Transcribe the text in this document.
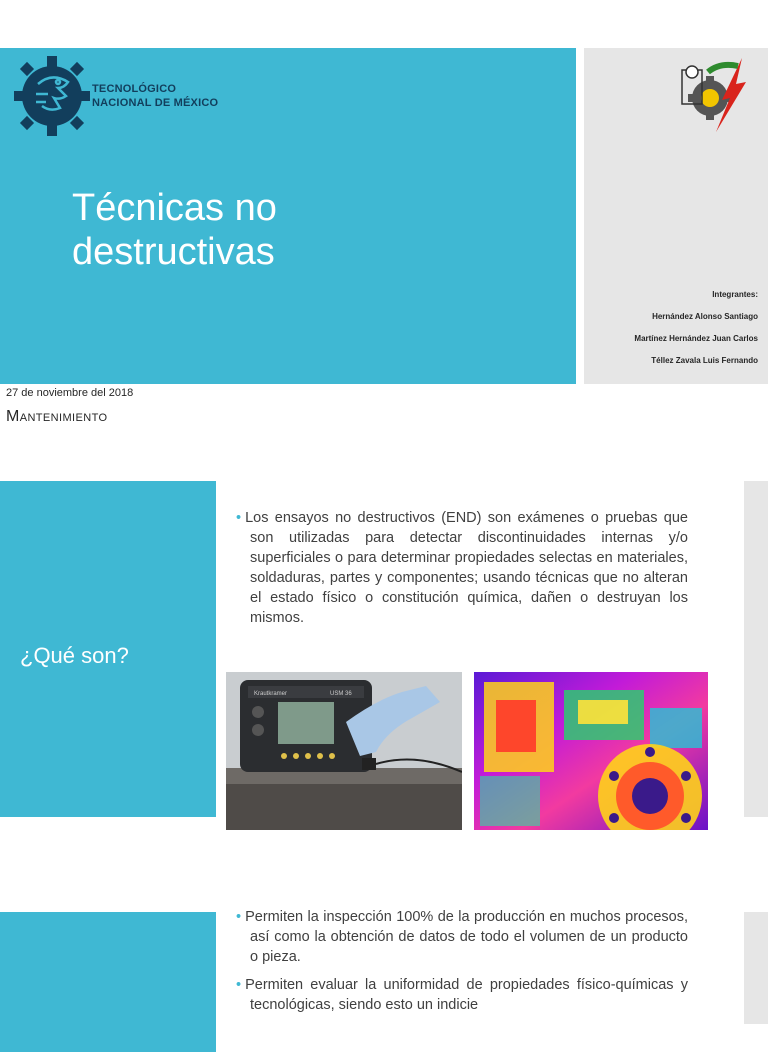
TECNOLÓGICO
NACIONAL DE MÉXICO
Técnicas no
destructivas
Integrantes:
Hernández Alonso Santiago
Martínez Hernández Juan Carlos
Téllez Zavala Luis Fernando
27 de noviembre del 2018
Mantenimiento
¿Qué son?

• Los ensayos no destructivos (END) son exámenes o pruebas que son utilizadas para detectar discontinuidades internas y/o superficiales o para determinar propiedades selectas en materiales, soldaduras, partes y componentes; usando técnicas que no alteran el estado físico o constitución química, dañen o destruyan los mismos.

Krautkramer	USM 36

• Permiten la inspección 100% de la producción en muchos procesos, así como la obtención de datos de todo el volumen de un producto o pieza.

• Permiten evaluar la uniformidad de propiedades físico-químicas y tecnológicas, siendo esto un indicie
